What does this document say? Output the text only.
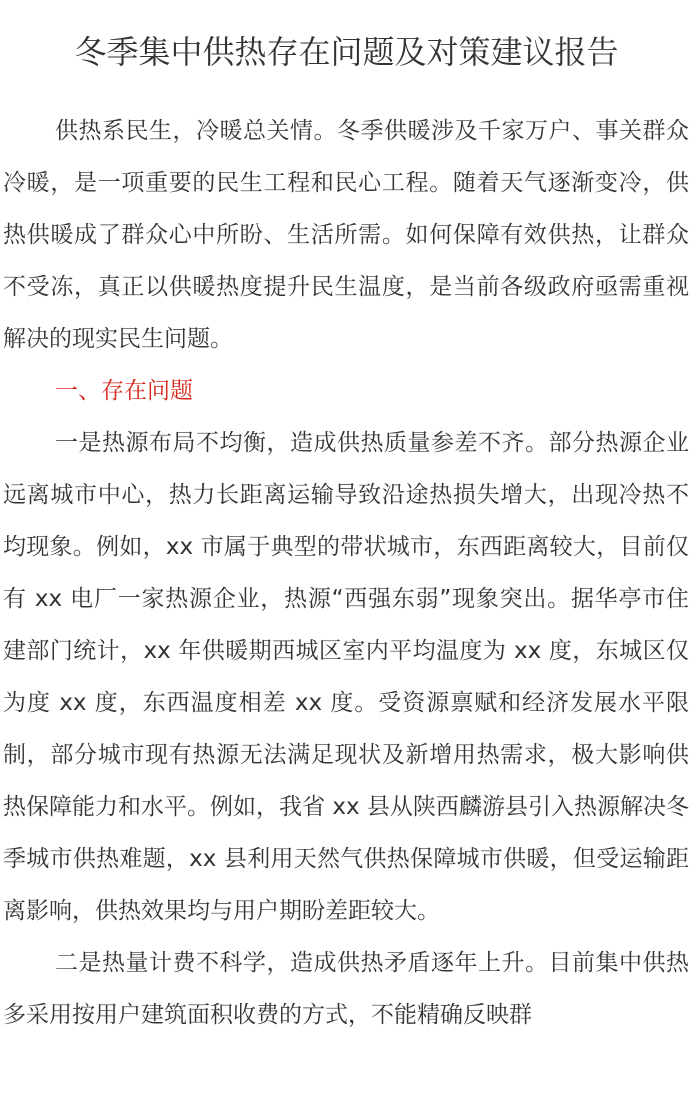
冬季集中供热存在问题及对策建议报告

供热系民生，冷暖总关情。冬季供暖涉及千家万户、事关群众冷暖，是一项重要的民生工程和民心工程。随着天气逐渐变冷，供热供暖成了群众心中所盼、生活所需。如何保障有效供热，让群众不受冻，真正以供暖热度提升民生温度，是当前各级政府亟需重视解决的现实民生问题。

一、存在问题

一是热源布局不均衡，造成供热质量参差不齐。部分热源企业远离城市中心，热力长距离运输导致沿途热损失增大，出现冷热不均现象。例如，xx 市属于典型的带状城市，东西距离较大，目前仅有 xx 电厂一家热源企业，热源“西强东弱”现象突出。据华亭市住建部门统计，xx 年供暖期西城区室内平均温度为 xx 度，东城区仅为度 xx 度，东西温度相差 xx 度。受资源禀赋和经济发展水平限制，部分城市现有热源无法满足现状及新增用热需求，极大影响供热保障能力和水平。例如，我省 xx 县从陕西麟游县引入热源解决冬季城市供热难题，xx 县利用天然气供热保障城市供暖，但受运输距离影响，供热效果均与用户期盼差距较大。

二是热量计费不科学，造成供热矛盾逐年上升。目前集中供热多采用按用户建筑面积收费的方式，不能精确反映群
